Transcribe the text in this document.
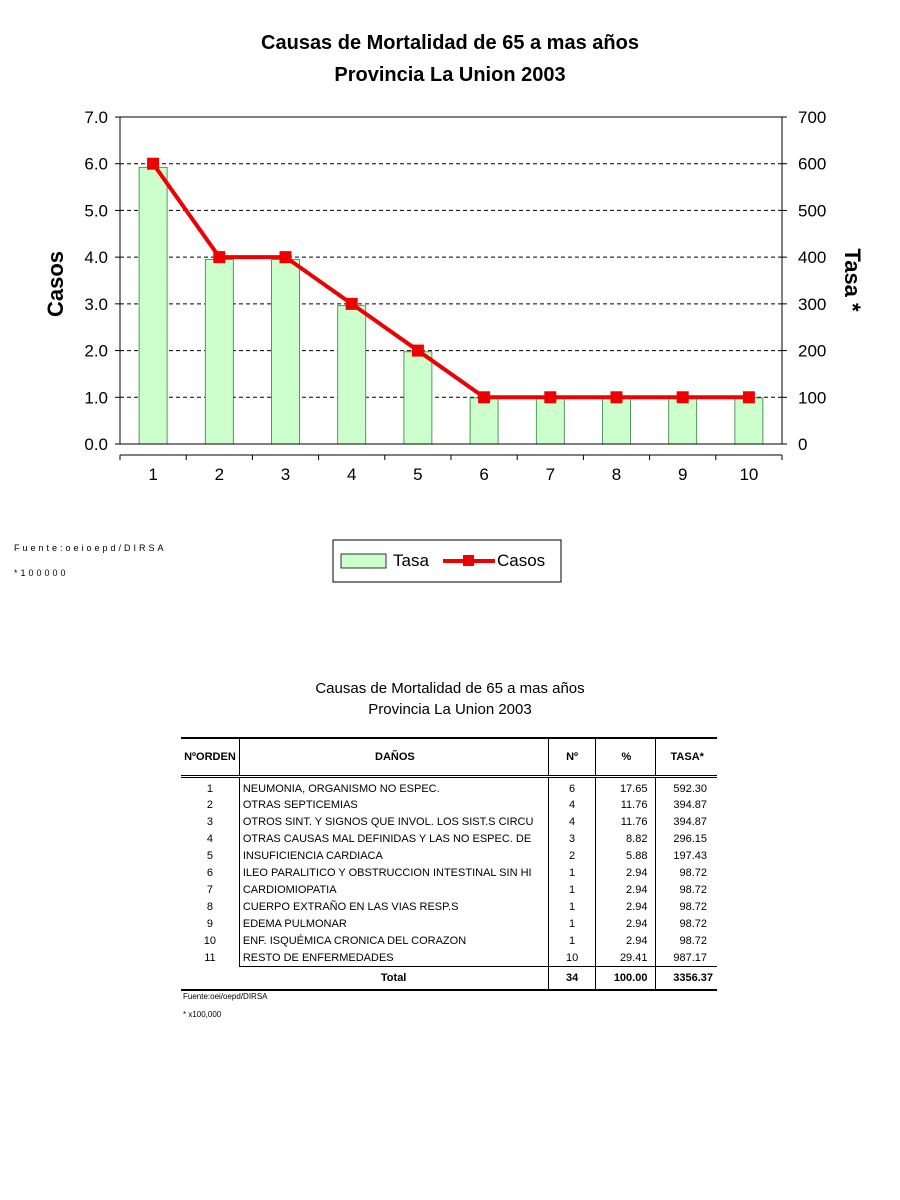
Causas de Mortalidad de 65 a mas años
Provincia La Union 2003
0.0
1.0
2.0
3.0
4.0
5.0
6.0
7.0
0
100
200
300
400
500
600
700
1	2	3	4	5	6	7	8	9	10
Casos	Tasa *
Tasa	Casos
Fuente:oeioepd/DIRSA
*100000
Causas de Mortalidad de 65 a mas años
Provincia La Union 2003
NºORDEN	DAÑOS	Nº	%	TASA*
1	NEUMONIA, ORGANISMO NO ESPEC.	6	17.65	592.30
2	OTRAS SEPTICEMIAS	4	11.76	394.87
3	OTROS SINT. Y SIGNOS QUE INVOL. LOS SIST.S CIRCU	4	11.76	394.87
4	OTRAS CAUSAS MAL DEFINIDAS Y LAS NO ESPEC. DE	3	8.82	296.15
5	INSUFICIENCIA CARDIACA	2	5.88	197.43
6	ILEO PARALITICO Y OBSTRUCCION INTESTINAL SIN HI	1	2.94	98.72
7	CARDIOMIOPATIA	1	2.94	98.72
8	CUERPO EXTRAÑO EN LAS VIAS RESP.S	1	2.94	98.72
9	EDEMA PULMONAR	1	2.94	98.72
10	ENF. ISQUÉMICA CRONICA DEL CORAZON	1	2.94	98.72
11	RESTO DE ENFERMEDADES	10	29.41	987.17
	Total	34	100.00	3356.37
Fuente:oei/oepd/DIRSA
* x100,000
